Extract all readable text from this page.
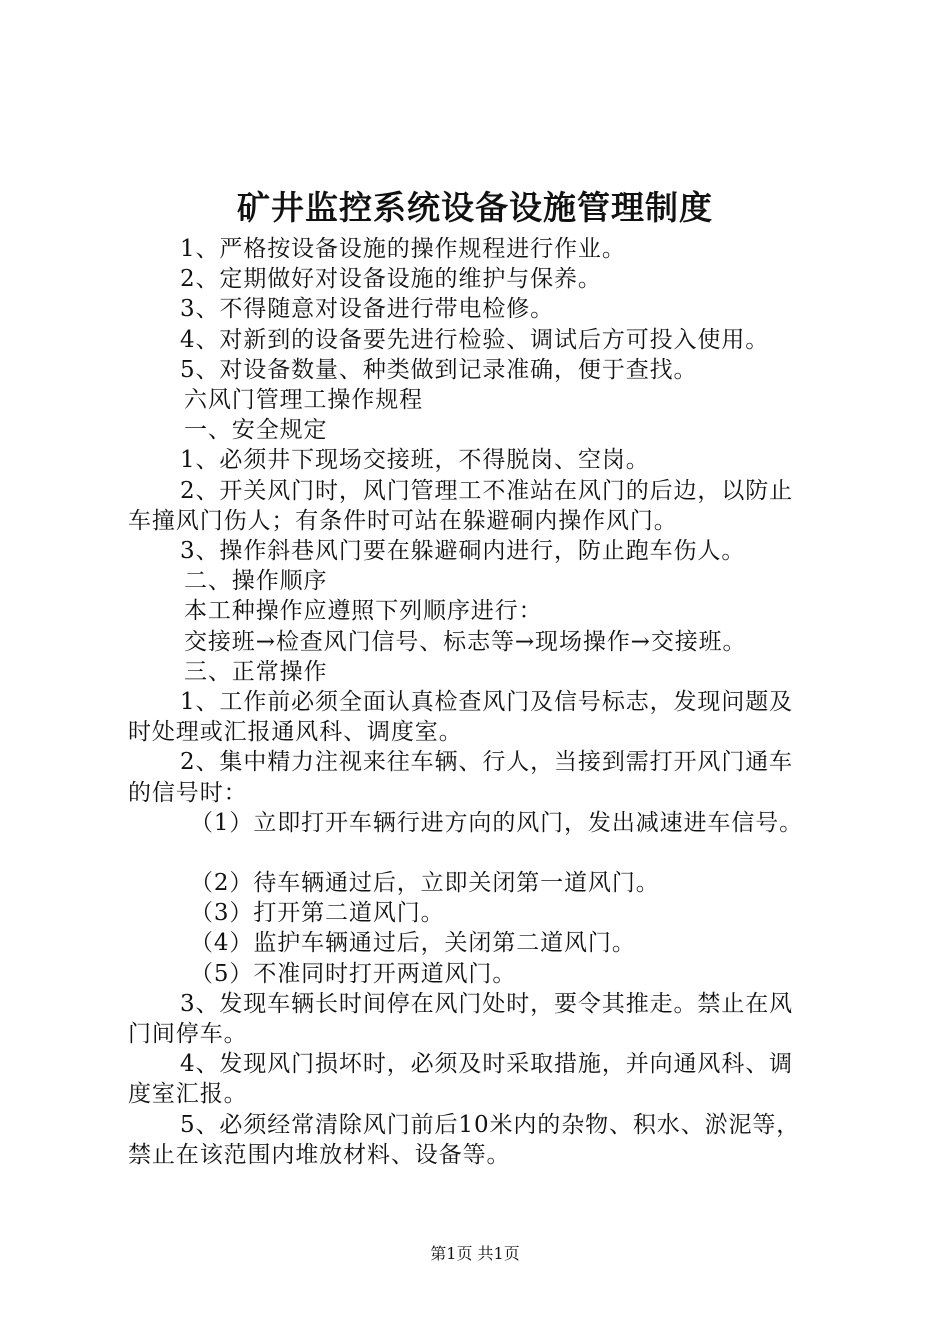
矿井监控系统设备设施管理制度
1、严格按设备设施的操作规程进行作业。
2、定期做好对设备设施的维护与保养。
3、不得随意对设备进行带电检修。
4、对新到的设备要先进行检验、调试后方可投入使用。
5、对设备数量、种类做到记录准确，便于查找。
六风门管理工操作规程
一、安全规定
1、必须井下现场交接班，不得脱岗、空岗。
2、开关风门时，风门管理工不准站在风门的后边，以防止
车撞风门伤人；有条件时可站在躲避硐内操作风门。
3、操作斜巷风门要在躲避硐内进行，防止跑车伤人。
二、操作顺序
本工种操作应遵照下列顺序进行：
交接班→检查风门信号、标志等→现场操作→交接班。
三、正常操作
1、工作前必须全面认真检查风门及信号标志，发现问题及
时处理或汇报通风科、调度室。
2、集中精力注视来往车辆、行人，当接到需打开风门通车
的信号时：
（1）立即打开车辆行进方向的风门，发出减速进车信号。
（2）待车辆通过后，立即关闭第一道风门。
（3）打开第二道风门。
（4）监护车辆通过后，关闭第二道风门。
（5）不准同时打开两道风门。
3、发现车辆长时间停在风门处时，要令其推走。禁止在风
门间停车。
4、发现风门损坏时，必须及时采取措施，并向通风科、调
度室汇报。
5、必须经常清除风门前后10米内的杂物、积水、淤泥等，
禁止在该范围内堆放材料、设备等。
第1页 共1页
